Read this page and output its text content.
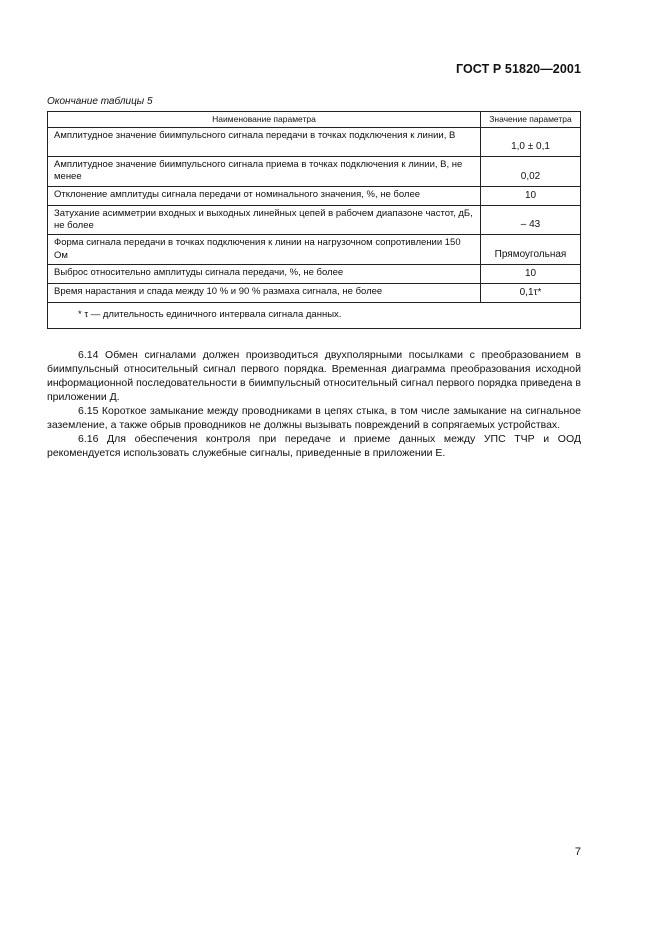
ГОСТ Р 51820—2001
Окончание таблицы 5
Наименование параметра	Значение параметра
Амплитудное значение биимпульсного сигнала передачи в точках подключения к линии, В	1,0 ± 0,1
Амплитудное значение биимпульсного сигнала приема в точках подключения к линии, В, не менее	0,02
Отклонение амплитуды сигнала передачи от номинального значения, %, не более	10
Затухание асимметрии входных и выходных линейных цепей в рабочем диапазоне частот, дБ, не более	– 43
Форма сигнала передачи в точках подключения к линии на нагрузочном сопротивлении 150 Ом	Прямоугольная
Выброс относительно амплитуды сигнала передачи, %, не более	10
Время нарастания и спада между 10 % и 90 % размаха сигнала, не более	0,1τ*
* τ — длительность единичного интервала сигнала данных.	

6.14 Обмен сигналами должен производиться двухполярными посылками с преобразованием в биимпульсный относительный сигнал первого порядка. Временная диаграмма преобразования исходной информационной последовательности в биимпульсный относительный сигнал первого порядка приведена в приложении Д.

6.15 Короткое замыкание между проводниками в цепях стыка, в том числе замыкание на сигнальное заземление, а также обрыв проводников не должны вызывать повреждений в сопрягаемых устройствах.

6.16 Для обеспечения контроля при передаче и приеме данных между УПС ТЧР и ООД рекомендуется использовать служебные сигналы, приведенные в приложении Е.

7
